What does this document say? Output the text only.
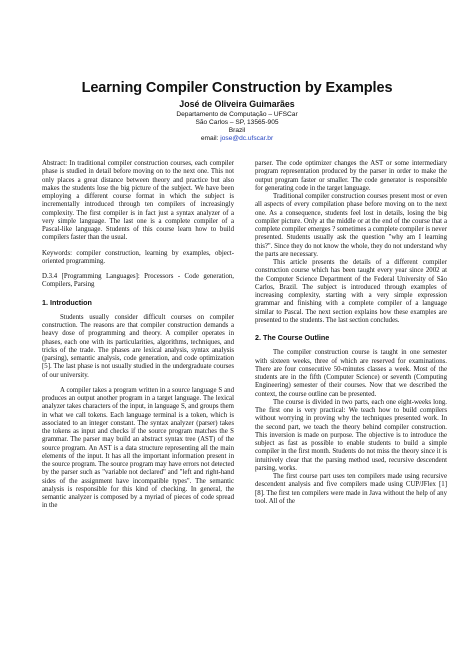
Learning Compiler Construction by Examples
José de Oliveira Guimarães
Departamento de Computação – UFSCar
São Carlos – SP, 13565-905
Brazil
email: jose@dc.ufscar.br

Abstract: In traditional compiler construction courses, each compiler phase is studied in detail before moving on to the next one. This not only places a great distance between theory and practice but also makes the students lose the big picture of the subject. We have been employing a different course format in which the subject is incrementally introduced through ten compilers of increasingly complexity. The first compiler is in fact just a syntax analyzer of a very simple language. The last one is a complete compiler of a Pascal-like language. Students of this course learn how to build compilers faster than the usual.

Keywords: compiler construction, learning by examples, object-oriented programming.

D.3.4 [Programming Languages]: Processors - Code generation, Compilers, Parsing

1. Introduction

Students usually consider difficult courses on compiler construction. The reasons are that compiler construction demands a heavy dose of programming and theory. A compiler operates in phases, each one with its particularities, algorithms, techniques, and tricks of the trade. The phases are lexical analysis, syntax analysis (parsing), semantic analysis, code generation, and code optimization [5]. The last phase is not usually studied in the undergraduate courses of our university.

A compiler takes a program written in a source language S and produces an output another program in a target language. The lexical analyzer takes characters of the input, in language S, and groups them in what we call tokens. Each language terminal is a token, which is associated to an integer constant. The syntax analyzer (parser) takes the tokens as input and checks if the source program matches the S grammar. The parser may build an abstract syntax tree (AST) of the source program. An AST is a data structure representing all the main elements of the input. It has all the important information present in the source program. The source program may have errors not detected by the parser such as "variable not declared" and "left and right-hand sides of the assignment have incompatible types". The semantic analysis is responsible for this kind of checking. In general, the semantic analyzer is composed by a myriad of pieces of code spread in the

parser. The code optimizer changes the AST or some intermediary program representation produced by the parser in order to make the output program faster or smaller. The code generator is responsible for generating code in the target language.

Traditional compiler construction courses present most or even all aspects of every compilation phase before moving on to the next one. As a consequence, students feel lost in details, losing the big compiler picture. Only at the middle or at the end of the course that a complete compiler emerges ? sometimes a complete compiler is never presented. Students usually ask the question "why am I learning this?". Since they do not know the whole, they do not understand why the parts are necessary.

This article presents the details of a different compiler construction course which has been taught every year since 2002 at the Computer Science Department of the Federal University of São Carlos, Brazil. The subject is introduced through examples of increasing complexity, starting with a very simple expression grammar and finishing with a complete compiler of a language similar to Pascal. The next section explains how these examples are presented to the students. The last section concludes.

2. The Course Outline

The compiler construction course is taught in one semester with sixteen weeks, three of which are reserved for examinations. There are four consecutive 50-minutes classes a week. Most of the students are in the fifth (Computer Science) or seventh (Computing Engineering) semester of their courses. Now that we described the context, the course outline can be presented.

The course is divided in two parts, each one eight-weeks long. The first one is very practical: We teach how to build compilers without worrying in proving why the techniques presented work. In the second part, we teach the theory behind compiler construction. This inversion is made on purpose. The objective is to introduce the subject as fast as possible to enable students to build a simple compiler in the first month. Students do not miss the theory since it is intuitively clear that the parsing method used, recursive descendent parsing, works.

The first course part uses ten compilers made using recursive descendent analysis and five compilers made using CUP/JFlex [1] [8]. The first ten compilers were made in Java without the help of any tool. All of the
